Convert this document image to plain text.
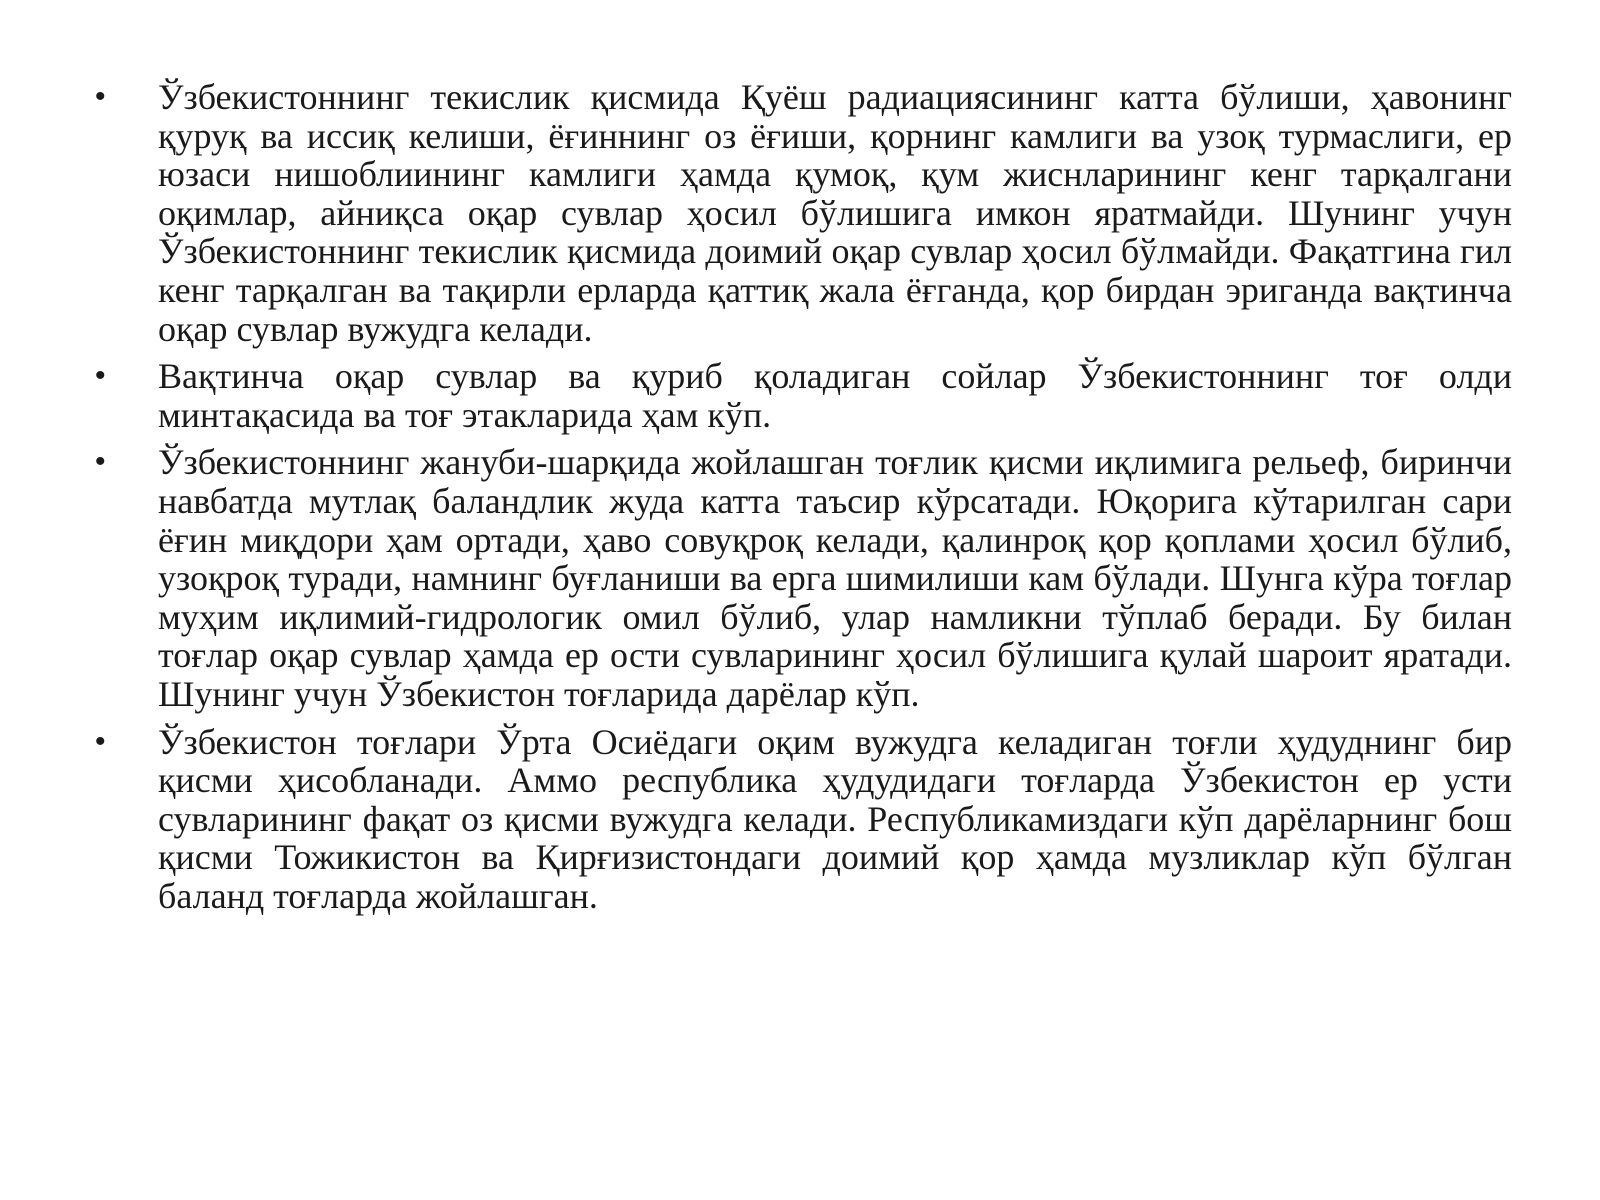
• Ўзбекистоннинг текислик қисмида Қуёш радиациясининг катта бўлиши, ҳавонинг қуруқ ва иссиқ келиши, ёғиннинг оз ёғиши, қорнинг камлиги ва узоқ турмаслиги, ер юзаси нишоблиининг камлиги ҳамда қумоқ, қум жиснларининг кенг тарқалгани оқимлар, айниқса оқар сувлар ҳосил бўлишига имкон яратмайди. Шунинг учун Ўзбекистоннинг текислик қисмида доимий оқар сувлар ҳосил бўлмайди. Фақатгина гил кенг тарқалган ва тақирли ерларда қаттиқ жала ёғганда, қор бирдан эриганда вақтинча оқар сувлар вужудга келади.
• Вақтинча оқар сувлар ва қуриб қоладиган сойлар Ўзбекистоннинг тоғ олди минтақасида ва тоғ этакларида ҳам кўп.
• Ўзбекистоннинг жануби-шарқида жойлашган тоғлик қисми иқлимига рельеф, биринчи навбатда мутлақ баландлик жуда катта таъсир кўрсатади. Юқорига кўтарилган сари ёғин миқдори ҳам ортади, ҳаво совуқроқ келади, қалинроқ қор қоплами ҳосил бўлиб, узоқроқ туради, намнинг буғланиши ва ерга шимилиши кам бўлади. Шунга кўра тоғлар муҳим иқлимий-гидрологик омил бўлиб, улар намликни тўплаб беради. Бу билан тоғлар оқар сувлар ҳамда ер ости сувларининг ҳосил бўлишига қулай шароит яратади. Шунинг учун Ўзбекистон тоғларида дарёлар кўп.
• Ўзбекистон тоғлари Ўрта Осиёдаги оқим вужудга келадиган тоғли ҳудуднинг бир қисми ҳисобланади. Аммо республика ҳудудидаги тоғларда Ўзбекистон ер усти сувларининг фақат оз қисми вужудга келади. Республикамиздаги кўп дарёларнинг бош қисми Тожикистон ва Қирғизистондаги доимий қор ҳамда музликлар кўп бўлган баланд тоғларда жойлашган.
